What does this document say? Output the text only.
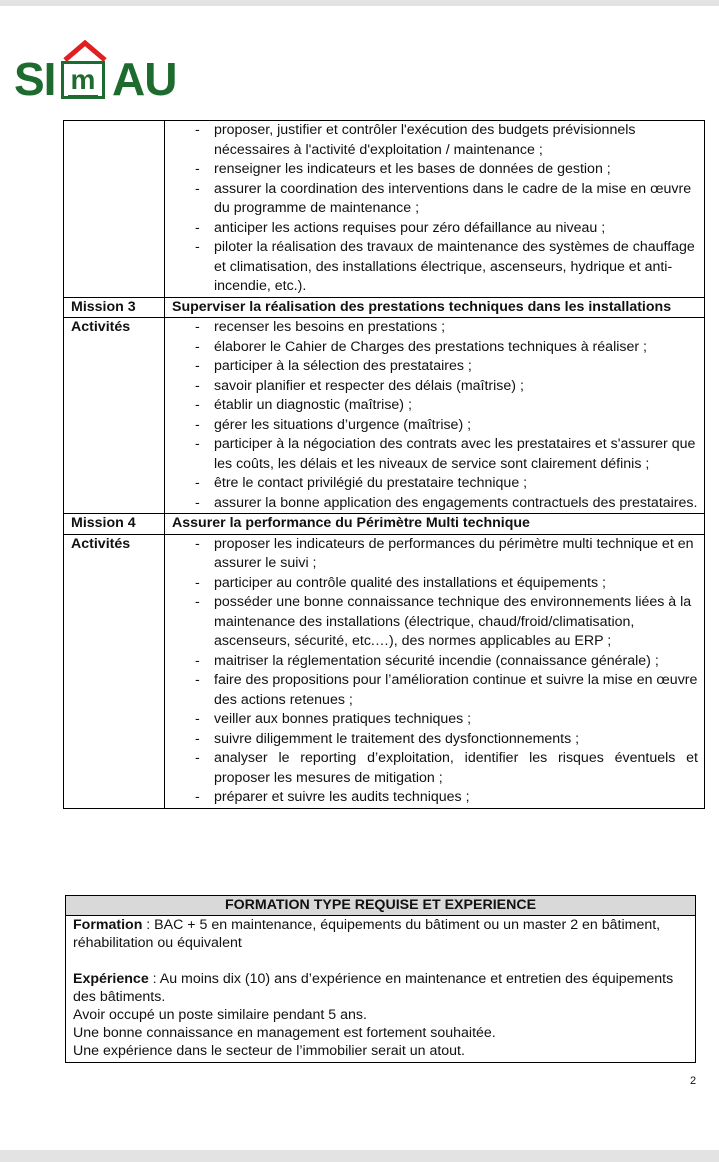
SI m AU

- proposer, justifier et contrôler l'exécution des budgets prévisionnels nécessaires à l'activité d'exploitation / maintenance ;
- renseigner les indicateurs et les bases de données de gestion ;
- assurer la coordination des interventions dans le cadre de la mise en œuvre du programme de maintenance ;
- anticiper les actions requises pour zéro défaillance au niveau ;
- piloter la réalisation des travaux de maintenance des systèmes de chauffage et climatisation, des installations électrique, ascenseurs, hydrique et anti-incendie, etc.).

Mission 3	Superviser la réalisation des prestations techniques dans les installations
Activités	- recenser les besoins en prestations ;
- élaborer le Cahier de Charges des prestations techniques à réaliser ;
- participer à la sélection des prestataires ;
- savoir planifier et respecter des délais (maîtrise) ;
- établir un diagnostic (maîtrise) ;
- gérer les situations d’urgence (maîtrise) ;
- participer à la négociation des contrats avec les prestataires et s'assurer que les coûts, les délais et les niveaux de service sont clairement définis ;
- être le contact privilégié du prestataire technique ;
- assurer la bonne application des engagements contractuels des prestataires.

Mission 4	Assurer la performance du Périmètre Multi technique
Activités	- proposer les indicateurs de performances du périmètre multi technique et en assurer le suivi ;
- participer au contrôle qualité des installations et équipements ;
- posséder une bonne connaissance technique des environnements liées à la maintenance des installations (électrique, chaud/froid/climatisation, ascenseurs, sécurité, etc.…), des normes applicables au ERP ;
- maitriser la réglementation sécurité incendie (connaissance générale) ;
- faire des propositions pour l’amélioration continue et suivre la mise en œuvre des actions retenues ;
- veiller aux bonnes pratiques techniques ;
- suivre diligemment le traitement des dysfonctionnements ;
- analyser le reporting d’exploitation, identifier les risques éventuels et proposer les mesures de mitigation ;
- préparer et suivre les audits techniques ;
FORMATION TYPE REQUISE ET EXPERIENCE

Formation : BAC + 5 en maintenance, équipements du bâtiment ou un master 2 en bâtiment, réhabilitation ou équivalent

Expérience : Au moins dix (10) ans d’expérience en maintenance et entretien des équipements des bâtiments.

Avoir occupé un poste similaire pendant 5 ans.

Une bonne connaissance en management est fortement souhaitée.

Une expérience dans le secteur de l’immobilier serait un atout.

2
